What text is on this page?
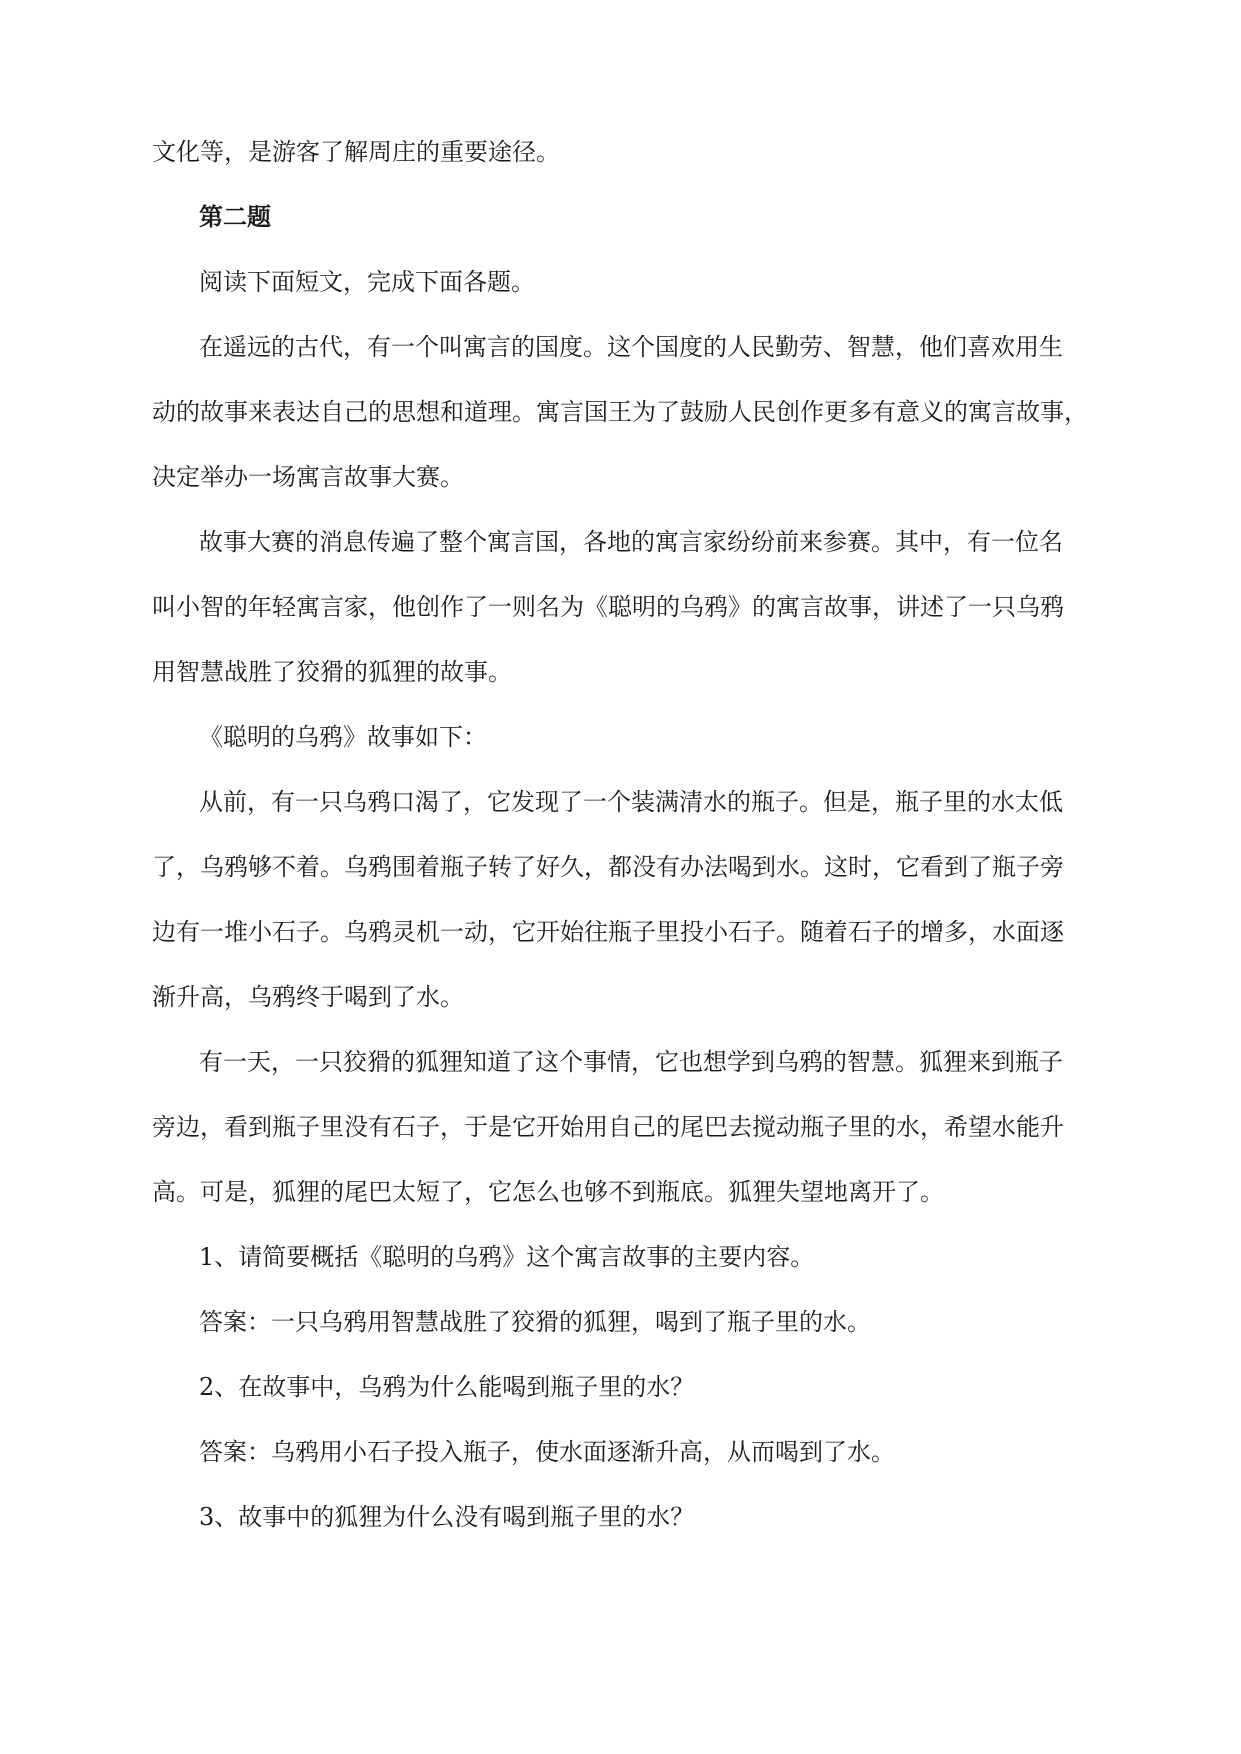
文化等，是游客了解周庄的重要途径。
第二题
阅读下面短文，完成下面各题。
在遥远的古代，有一个叫寓言的国度。这个国度的人民勤劳、智慧，他们喜欢用生
动的故事来表达自己的思想和道理。寓言国王为了鼓励人民创作更多有意义的寓言故事，
决定举办一场寓言故事大赛。
故事大赛的消息传遍了整个寓言国，各地的寓言家纷纷前来参赛。其中，有一位名
叫小智的年轻寓言家，他创作了一则名为《聪明的乌鸦》的寓言故事，讲述了一只乌鸦
用智慧战胜了狡猾的狐狸的故事。
《聪明的乌鸦》故事如下：
从前，有一只乌鸦口渴了，它发现了一个装满清水的瓶子。但是，瓶子里的水太低
了，乌鸦够不着。乌鸦围着瓶子转了好久，都没有办法喝到水。这时，它看到了瓶子旁
边有一堆小石子。乌鸦灵机一动，它开始往瓶子里投小石子。随着石子的增多，水面逐
渐升高，乌鸦终于喝到了水。
有一天，一只狡猾的狐狸知道了这个事情，它也想学到乌鸦的智慧。狐狸来到瓶子
旁边，看到瓶子里没有石子，于是它开始用自己的尾巴去搅动瓶子里的水，希望水能升
高。可是，狐狸的尾巴太短了，它怎么也够不到瓶底。狐狸失望地离开了。
1、请简要概括《聪明的乌鸦》这个寓言故事的主要内容。
答案：一只乌鸦用智慧战胜了狡猾的狐狸，喝到了瓶子里的水。
2、在故事中，乌鸦为什么能喝到瓶子里的水？
答案：乌鸦用小石子投入瓶子，使水面逐渐升高，从而喝到了水。
3、故事中的狐狸为什么没有喝到瓶子里的水？
